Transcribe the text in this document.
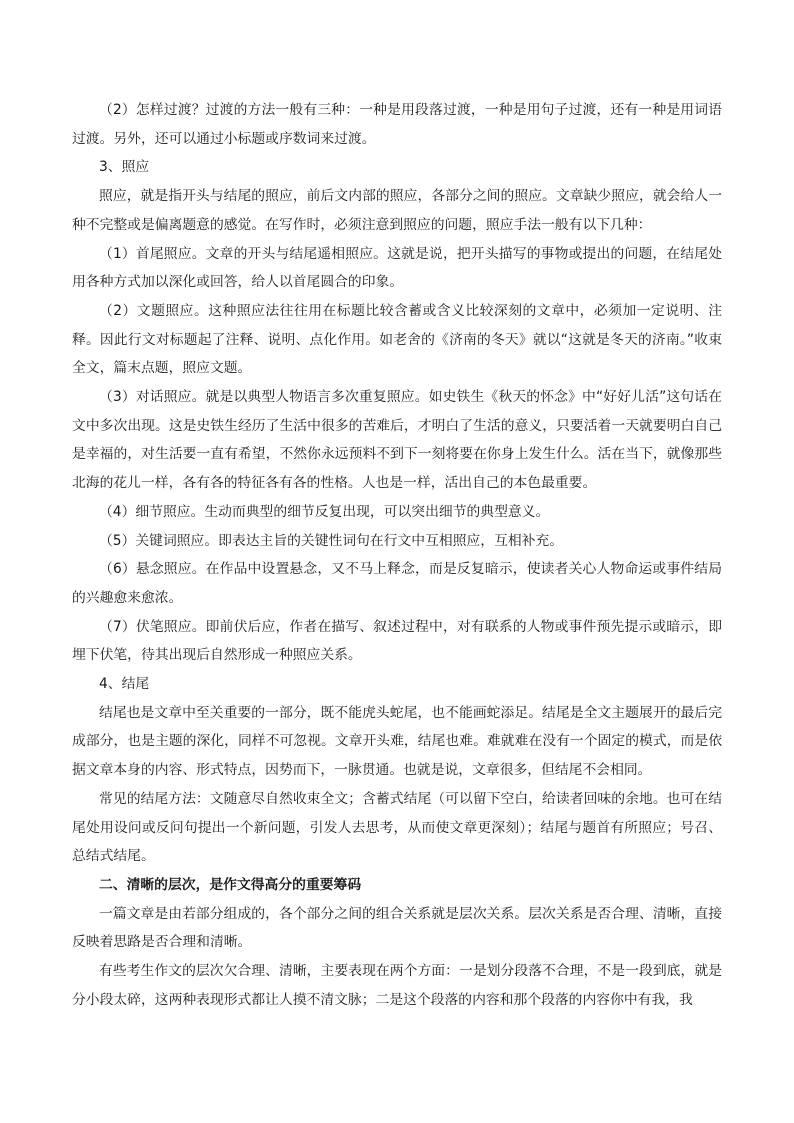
（2）怎样过渡？过渡的方法一般有三种：一种是用段落过渡，一种是用句子过渡，还有一种是用词语过渡。另外，还可以通过小标题或序数词来过渡。

3、照应

照应，就是指开头与结尾的照应，前后文内部的照应，各部分之间的照应。文章缺少照应，就会给人一种不完整或是偏离题意的感觉。在写作时，必须注意到照应的问题，照应手法一般有以下几种：

（1）首尾照应。文章的开头与结尾遥相照应。这就是说，把开头描写的事物或提出的问题，在结尾处用各种方式加以深化或回答，给人以首尾圆合的印象。

（2）文题照应。这种照应法往往用在标题比较含蓄或含义比较深刻的文章中，必须加一定说明、注释。因此行文对标题起了注释、说明、点化作用。如老舍的《济南的冬天》就以“这就是冬天的济南。”收束全文，篇末点题，照应文题。

（3）对话照应。就是以典型人物语言多次重复照应。如史铁生《秋天的怀念》中“好好儿活”这句话在文中多次出现。这是史铁生经历了生活中很多的苦难后，才明白了生活的意义，只要活着一天就要明白自己是幸福的，对生活要一直有希望，不然你永远预料不到下一刻将要在你身上发生什么。活在当下，就像那些北海的花儿一样，各有各的特征各有各的性格。人也是一样，活出自己的本色最重要。

（4）细节照应。生动而典型的细节反复出现，可以突出细节的典型意义。

（5）关键词照应。即表达主旨的关键性词句在行文中互相照应，互相补充。

（6）悬念照应。在作品中设置悬念，又不马上释念，而是反复暗示，使读者关心人物命运或事件结局的兴趣愈来愈浓。

（7）伏笔照应。即前伏后应，作者在描写、叙述过程中，对有联系的人物或事件预先提示或暗示，即埋下伏笔，待其出现后自然形成一种照应关系。

4、结尾

结尾也是文章中至关重要的一部分，既不能虎头蛇尾，也不能画蛇添足。结尾是全文主题展开的最后完成部分，也是主题的深化，同样不可忽视。文章开头难，结尾也难。难就难在没有一个固定的模式，而是依据文章本身的内容、形式特点，因势而下，一脉贯通。也就是说，文章很多，但结尾不会相同。

常见的结尾方法：文随意尽自然收束全文；含蓄式结尾（可以留下空白，给读者回味的余地。也可在结尾处用设问或反问句提出一个新问题，引发人去思考，从而使文章更深刻）；结尾与题首有所照应；号召、总结式结尾。

二、清晰的层次，是作文得高分的重要筹码

一篇文章是由若部分组成的，各个部分之间的组合关系就是层次关系。层次关系是否合理、清晰，直接反映着思路是否合理和清晰。

有些考生作文的层次欠合理、清晰，主要表现在两个方面：一是划分段落不合理，不是一段到底，就是分小段太碎，这两种表现形式都让人摸不清文脉；二是这个段落的内容和那个段落的内容你中有我，我
